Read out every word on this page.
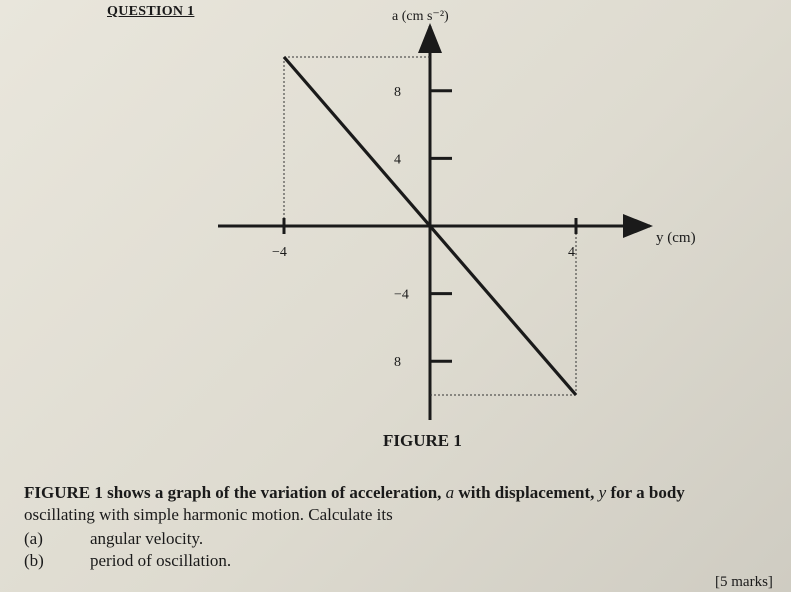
QUESTION 1
−4	4
8
4
−4
8
a (cm s⁻²)
y (cm)
FIGURE 1

FIGURE 1 shows a graph of the variation of acceleration, a with displacement, y for a body

oscillating with simple harmonic motion. Calculate its

(a)	angular velocity.
(b)	period of oscillation.
[5 marks]
